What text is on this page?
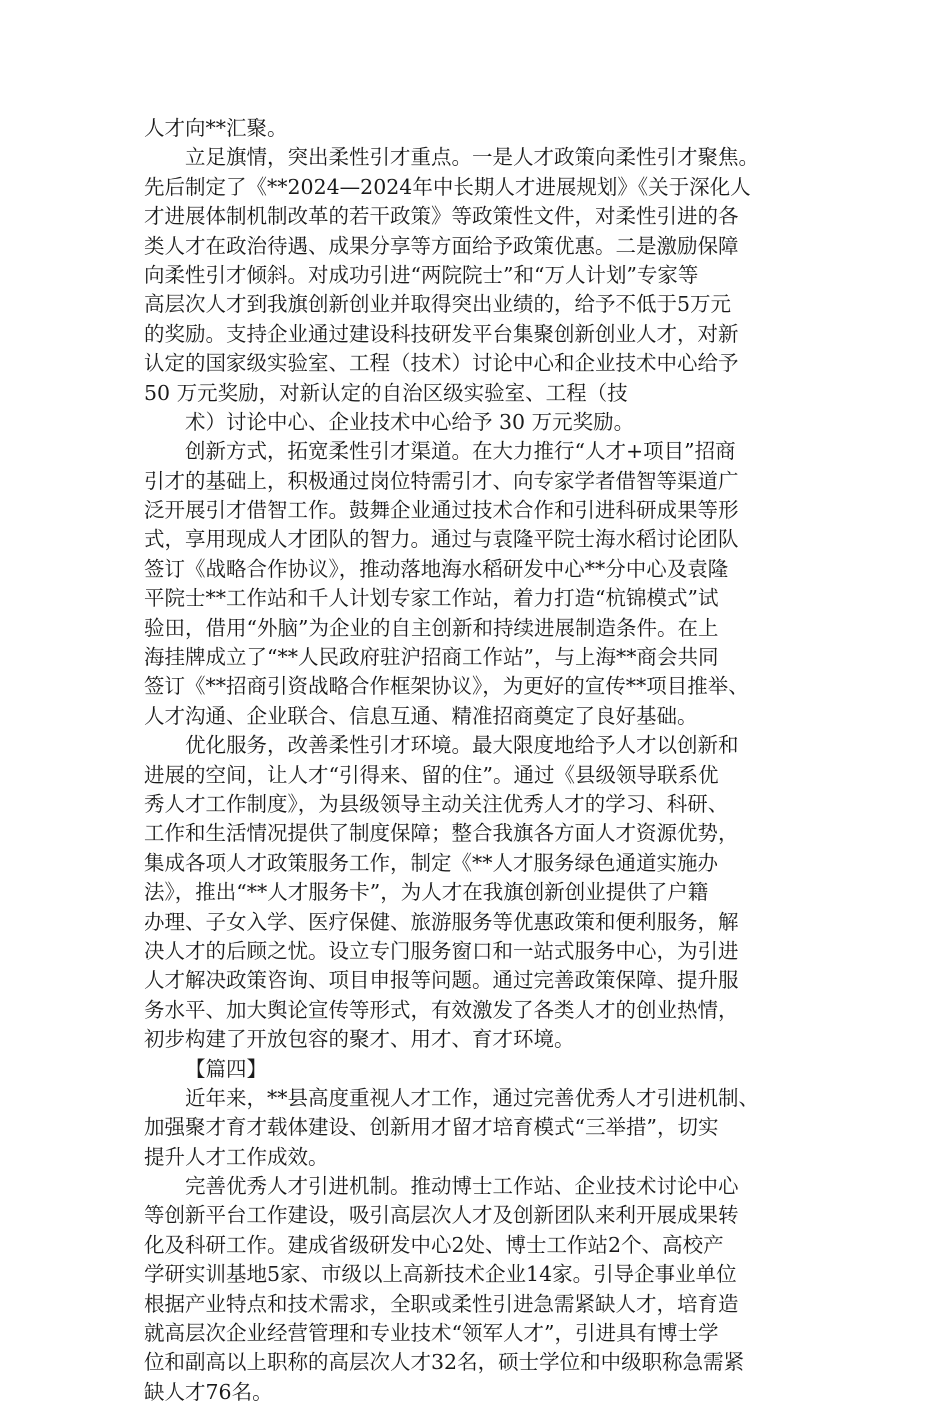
人才向**汇聚。
立足旗情，突出柔性引才重点。一是人才政策向柔性引才聚焦。
先后制定了《**2024—2024年中长期人才进展规划》《关于深化人
才进展体制机制改革的若干政策》等政策性文件，对柔性引进的各
类人才在政治待遇、成果分享等方面给予政策优惠。二是激励保障
向柔性引才倾斜。对成功引进“两院院士”和“万人计划”专家等
高层次人才到我旗创新创业并取得突出业绩的，给予不低于5万元
的奖励。支持企业通过建设科技研发平台集聚创新创业人才，对新
认定的国家级实验室、工程（技术）讨论中心和企业技术中心给予
50 万元奖励，对新认定的自治区级实验室、工程（技
术）讨论中心、企业技术中心给予 30 万元奖励。
创新方式，拓宽柔性引才渠道。在大力推行“人才+项目”招商
引才的基础上，积极通过岗位特需引才、向专家学者借智等渠道广
泛开展引才借智工作。鼓舞企业通过技术合作和引进科研成果等形
式，享用现成人才团队的智力。通过与袁隆平院士海水稻讨论团队
签订《战略合作协议》，推动落地海水稻研发中心**分中心及袁隆
平院士**工作站和千人计划专家工作站，着力打造“杭锦模式”试
验田，借用“外脑”为企业的自主创新和持续进展制造条件。在上
海挂牌成立了“**人民政府驻沪招商工作站”，与上海**商会共同
签订《**招商引资战略合作框架协议》，为更好的宣传**项目推举、
人才沟通、企业联合、信息互通、精准招商奠定了良好基础。
优化服务，改善柔性引才环境。最大限度地给予人才以创新和
进展的空间，让人才“引得来、留的住”。通过《县级领导联系优
秀人才工作制度》，为县级领导主动关注优秀人才的学习、科研、
工作和生活情况提供了制度保障；整合我旗各方面人才资源优势，
集成各项人才政策服务工作，制定《**人才服务绿色通道实施办
法》，推出“**人才服务卡”，为人才在我旗创新创业提供了户籍
办理、子女入学、医疗保健、旅游服务等优惠政策和便利服务，解
决人才的后顾之忧。设立专门服务窗口和一站式服务中心，为引进
人才解决政策咨询、项目申报等问题。通过完善政策保障、提升服
务水平、加大舆论宣传等形式，有效激发了各类人才的创业热情，
初步构建了开放包容的聚才、用才、育才环境。
【篇四】
近年来，**县高度重视人才工作，通过完善优秀人才引进机制、
加强聚才育才载体建设、创新用才留才培育模式“三举措”，切实
提升人才工作成效。
完善优秀人才引进机制。推动博士工作站、企业技术讨论中心
等创新平台工作建设，吸引高层次人才及创新团队来利开展成果转
化及科研工作。建成省级研发中心2处、博士工作站2个、高校产
学研实训基地5家、市级以上高新技术企业14家。引导企事业单位
根据产业特点和技术需求，全职或柔性引进急需紧缺人才，培育造
就高层次企业经营管理和专业技术“领军人才”，引进具有博士学
位和副高以上职称的高层次人才32名，硕士学位和中级职称急需紧
缺人才76名。
